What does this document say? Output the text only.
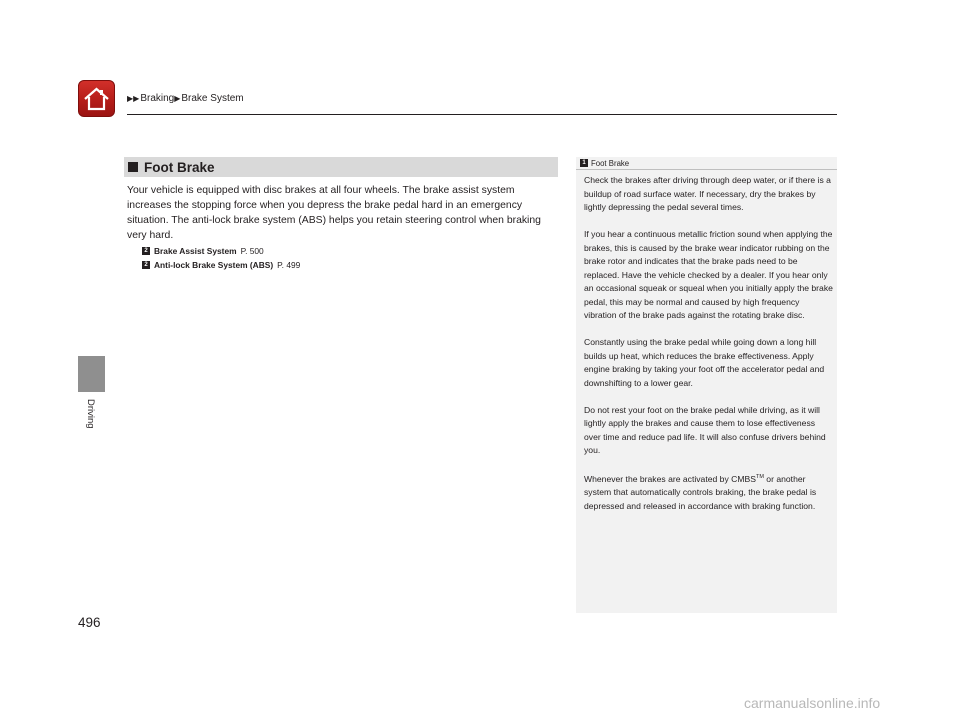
▶▶ Braking ▶ Brake System
Driving
Foot Brake

Your vehicle is equipped with disc brakes at all four wheels. The brake assist system increases the stopping force when you depress the brake pedal hard in an emergency situation. The anti-lock brake system (ABS) helps you retain steering control when braking very hard.

2 Brake Assist System P. 500
2 Anti-lock Brake System (ABS) P. 499
1 Foot Brake

Check the brakes after driving through deep water, or if there is a buildup of road surface water. If necessary, dry the brakes by lightly depressing the pedal several times.

If you hear a continuous metallic friction sound when applying the brakes, this is caused by the brake wear indicator rubbing on the brake rotor and indicates that the brake pads need to be replaced. Have the vehicle checked by a dealer. If you hear only an occasional squeak or squeal when you initially apply the brake pedal, this may be normal and caused by high frequency vibration of the brake pads against the rotating brake disc.

Constantly using the brake pedal while going down a long hill builds up heat, which reduces the brake effectiveness. Apply engine braking by taking your foot off the accelerator pedal and downshifting to a lower gear.

Do not rest your foot on the brake pedal while driving, as it will lightly apply the brakes and cause them to lose effectiveness over time and reduce pad life. It will also confuse drivers behind you.

Whenever the brakes are activated by CMBS™ or another system that automatically controls braking, the brake pedal is depressed and released in accordance with braking function.

496
carmanualsonline.info
